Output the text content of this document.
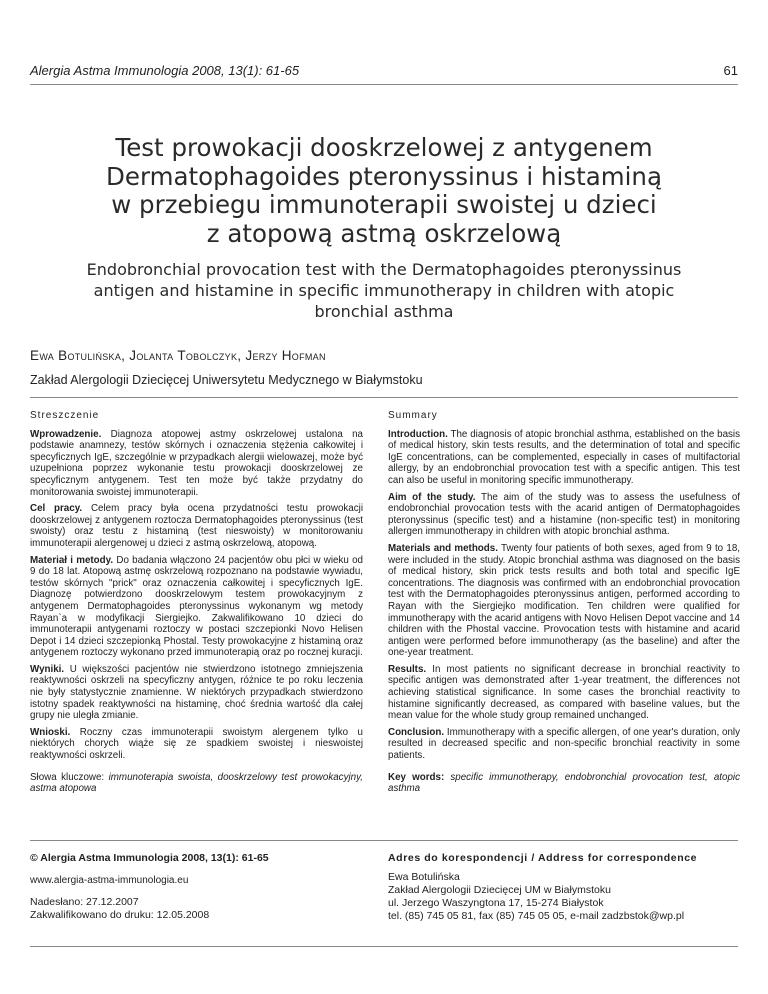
Alergia Astma Immunologia 2008, 13(1): 61-65	61
Test prowokacji dooskrzelowej z antygenem
Dermatophagoides pteronyssinus i histaminą
w przebiegu immunoterapii swoistej u dzieci
z atopową astmą oskrzelową
Endobronchial provocation test with the Dermatophagoides pteronyssinus
antigen and histamine in specific immunotherapy in children with atopic
bronchial asthma
Ewa Botulińska, Jolanta Tobolczyk, Jerzy Hofman
Zakład Alergologii Dziecięcej Uniwersytetu Medycznego w Białymstoku
Streszczenie

Wprowadzenie. Diagnoza atopowej astmy oskrzelowej ustalona na podstawie anamnezy, testów skórnych i oznaczenia stężenia całkowitej i specyficznych IgE, szczególnie w przypadkach alergii wielowazej, może być uzupełniona poprzez wykonanie testu prowokacji dooskrzelowej ze specyficznym antygenem. Test ten może być także przydatny do monitorowania swoistej immunoterapii.

Cel pracy. Celem pracy była ocena przydatności testu prowokacji dooskrzelowej z antygenem roztocza Dermatophagoides pteronyssinus (test swoisty) oraz testu z histaminą (test nieswoisty) w monitorowaniu immunoterapii alergenowej u dzieci z astmą oskrzelową, atopową.

Materiał i metody. Do badania włączono 24 pacjentów obu płci w wieku od 9 do 18 lat. Atopową astmę oskrzelową rozpoznano na podstawie wywiadu, testów skórnych "prick" oraz oznaczenia całkowitej i specyficznych IgE. Diagnozę potwierdzono dooskrzelowym testem prowokacyjnym z antygenem Dermatophagoides pteronyssinus wykonanym wg metody Rayan`a w modyfikacji Siergiejko. Zakwalifikowano 10 dzieci do immunoterapii antygenami roztoczy w postaci szczepionki Novo Helisen Depot i 14 dzieci szczepionką Phostal. Testy prowokacyjne z histaminą oraz antygenem roztoczy wykonano przed immunoterapią oraz po rocznej kuracji.

Wyniki. U większości pacjentów nie stwierdzono istotnego zmniejszenia reaktywności oskrzeli na specyficzny antygen, różnice te po roku leczenia nie były statystycznie znamienne. W niektórych przypadkach stwierdzono istotny spadek reaktywności na histaminę, choć średnia wartość dla całej grupy nie uległa zmianie.

Wnioski. Roczny czas immunoterapii swoistym alergenem tylko u niektórych chorych wiąże się ze spadkiem swoistej i nieswoistej reaktywności oskrzeli.

Słowa kluczowe: immunoterapia swoista, dooskrzelowy test prowokacyjny, astma atopowa

Summary

Introduction. The diagnosis of atopic bronchial asthma, established on the basis of medical history, skin tests results, and the determination of total and specific IgE concentrations, can be complemented, especially in cases of multifactorial allergy, by an endobronchial provocation test with a specific antigen. This test can also be useful in monitoring specific immunotherapy.

Aim of the study. The aim of the study was to assess the usefulness of endobronchial provocation tests with the acarid antigen of Dermatophagoides pteronyssinus (specific test) and a histamine (non-specific test) in monitoring allergen immunotherapy in children with atopic bronchial asthma.

Materials and methods. Twenty four patients of both sexes, aged from 9 to 18, were included in the study. Atopic bronchial asthma was diagnosed on the basis of medical history, skin prick tests results and both total and specific IgE concentrations. The diagnosis was confirmed with an endobronchial provocation test with the Dermatophagoides pteronyssinus antigen, performed according to Rayan with the Siergiejko modification. Ten children were qualified for immunotherapy with the acarid antigens with Novo Helisen Depot vaccine and 14 children with the Phostal vaccine. Provocation tests with histamine and acarid antigen were performed before immunotherapy (as the baseline) and after the one-year treatment.

Results. In most patients no significant decrease in bronchial reactivity to specific antigen was demonstrated after 1-year treatment, the differences not achieving statistical significance. In some cases the bronchial reactivity to histamine significantly decreased, as compared with baseline values, but the mean value for the whole study group remained unchanged.

Conclusion. Immunotherapy with a specific allergen, of one year's duration, only resulted in decreased specific and non-specific bronchial reactivity in some patients.

Key words: specific immunotherapy, endobronchial provocation test, atopic asthma

© Alergia Astma Immunologia 2008, 13(1): 61-65
www.alergia-astma-immunologia.eu
Nadesłano: 27.12.2007
Zakwalifikowano do druku: 12.05.2008
Adres do korespondencji / Address for correspondence
Ewa Botulińska
Zakład Alergologii Dziecięcej UM w Białymstoku
ul. Jerzego Waszyngtona 17, 15-274 Białystok
tel. (85) 745 05 81, fax (85) 745 05 05, e-mail zadzbstok@wp.pl
